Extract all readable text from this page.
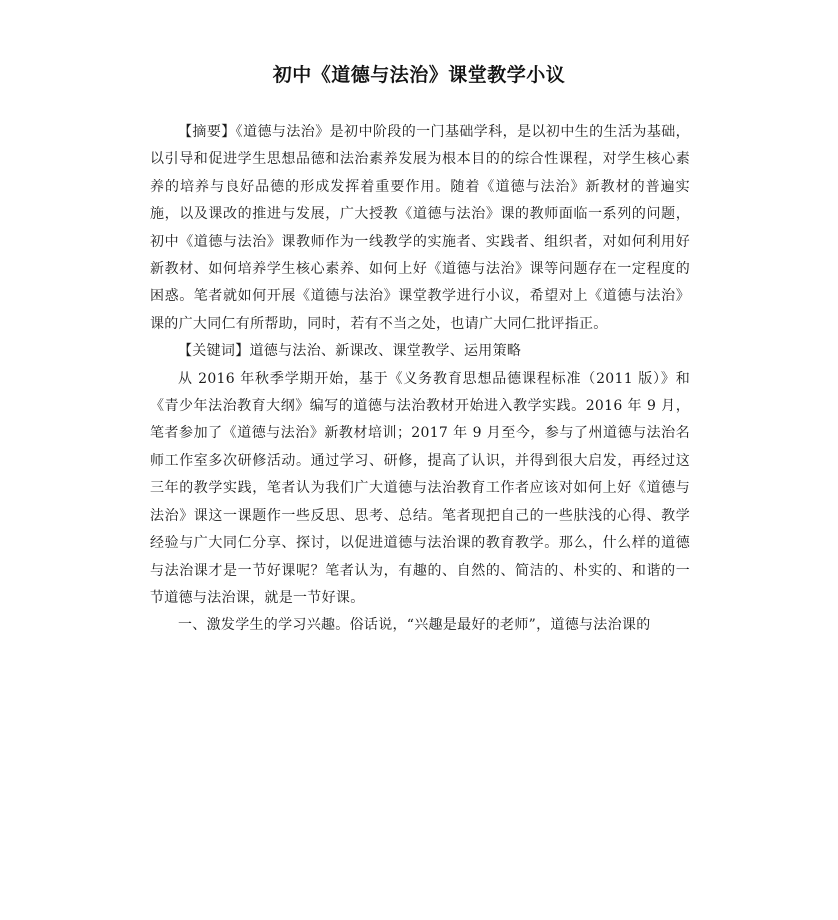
初中《道德与法治》课堂教学小议

【摘要】《道德与法治》是初中阶段的一门基础学科，是以初中生的生活为基础，以引导和促进学生思想品德和法治素养发展为根本目的的综合性课程，对学生核心素养的培养与良好品德的形成发挥着重要作用。随着《道德与法治》新教材的普遍实施，以及课改的推进与发展，广大授教《道德与法治》课的教师面临一系列的问题，初中《道德与法治》课教师作为一线教学的实施者、实践者、组织者，对如何利用好新教材、如何培养学生核心素养、如何上好《道德与法治》课等问题存在一定程度的困惑。笔者就如何开展《道德与法治》课堂教学进行小议，希望对上《道德与法治》课的广大同仁有所帮助，同时，若有不当之处，也请广大同仁批评指正。

【关键词】道德与法治、新课改、课堂教学、运用策略

从 2016 年秋季学期开始，基于《义务教育思想品德课程标准（2011 版）》和《青少年法治教育大纲》编写的道德与法治教材开始进入教学实践。2016 年 9 月，笔者参加了《道德与法治》新教材培训；2017 年 9 月至今，参与了州道德与法治名师工作室多次研修活动。通过学习、研修，提高了认识，并得到很大启发，再经过这三年的教学实践，笔者认为我们广大道德与法治教育工作者应该对如何上好《道德与法治》课这一课题作一些反思、思考、总结。笔者现把自己的一些肤浅的心得、教学经验与广大同仁分享、探讨，以促进道德与法治课的教育教学。那么，什么样的道德与法治课才是一节好课呢？笔者认为，有趣的、自然的、简洁的、朴实的、和谐的一节道德与法治课，就是一节好课。

一、激发学生的学习兴趣。俗话说，“兴趣是最好的老师”，道德与法治课的
